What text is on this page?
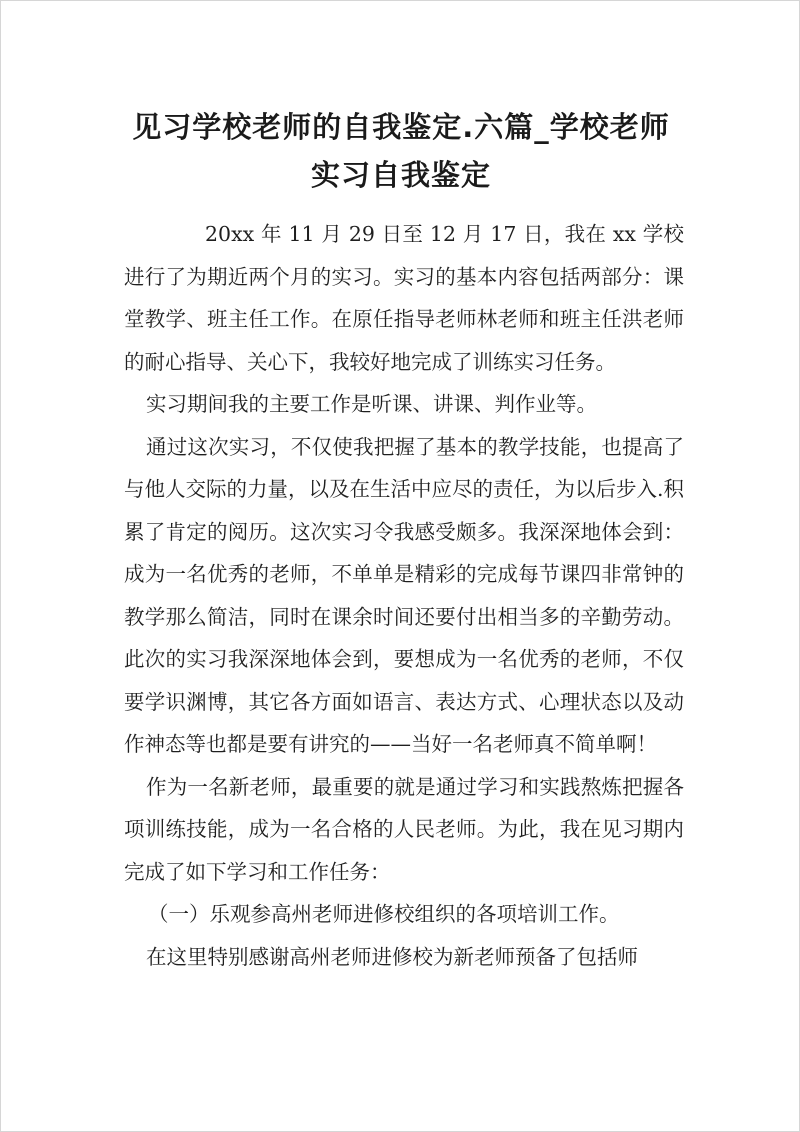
见习学校老师的自我鉴定.六篇_学校老师
实习自我鉴定

20xx 年 11 月 29 日至 12 月 17 日，我在 xx 学校进行了为期近两个月的实习。实习的基本内容包括两部分：课堂教学、班主任工作。在原任指导老师林老师和班主任洪老师的耐心指导、关心下，我较好地完成了训练实习任务。

实习期间我的主要工作是听课、讲课、判作业等。

通过这次实习，不仅使我把握了基本的教学技能，也提高了与他人交际的力量，以及在生活中应尽的责任，为以后步入.积累了肯定的阅历。这次实习令我感受颇多。我深深地体会到：成为一名优秀的老师，不单单是精彩的完成每节课四非常钟的教学那么简洁，同时在课余时间还要付出相当多的辛勤劳动。此次的实习我深深地体会到，要想成为一名优秀的老师，不仅要学识渊博，其它各方面如语言、表达方式、心理状态以及动作神态等也都是要有讲究的——当好一名老师真不简单啊！

作为一名新老师，最重要的就是通过学习和实践熬炼把握各项训练技能，成为一名合格的人民老师。为此，我在见习期内完成了如下学习和工作任务：

（一）乐观参高州老师进修校组织的各项培训工作。

在这里特别感谢高州老师进修校为新老师预备了包括师
